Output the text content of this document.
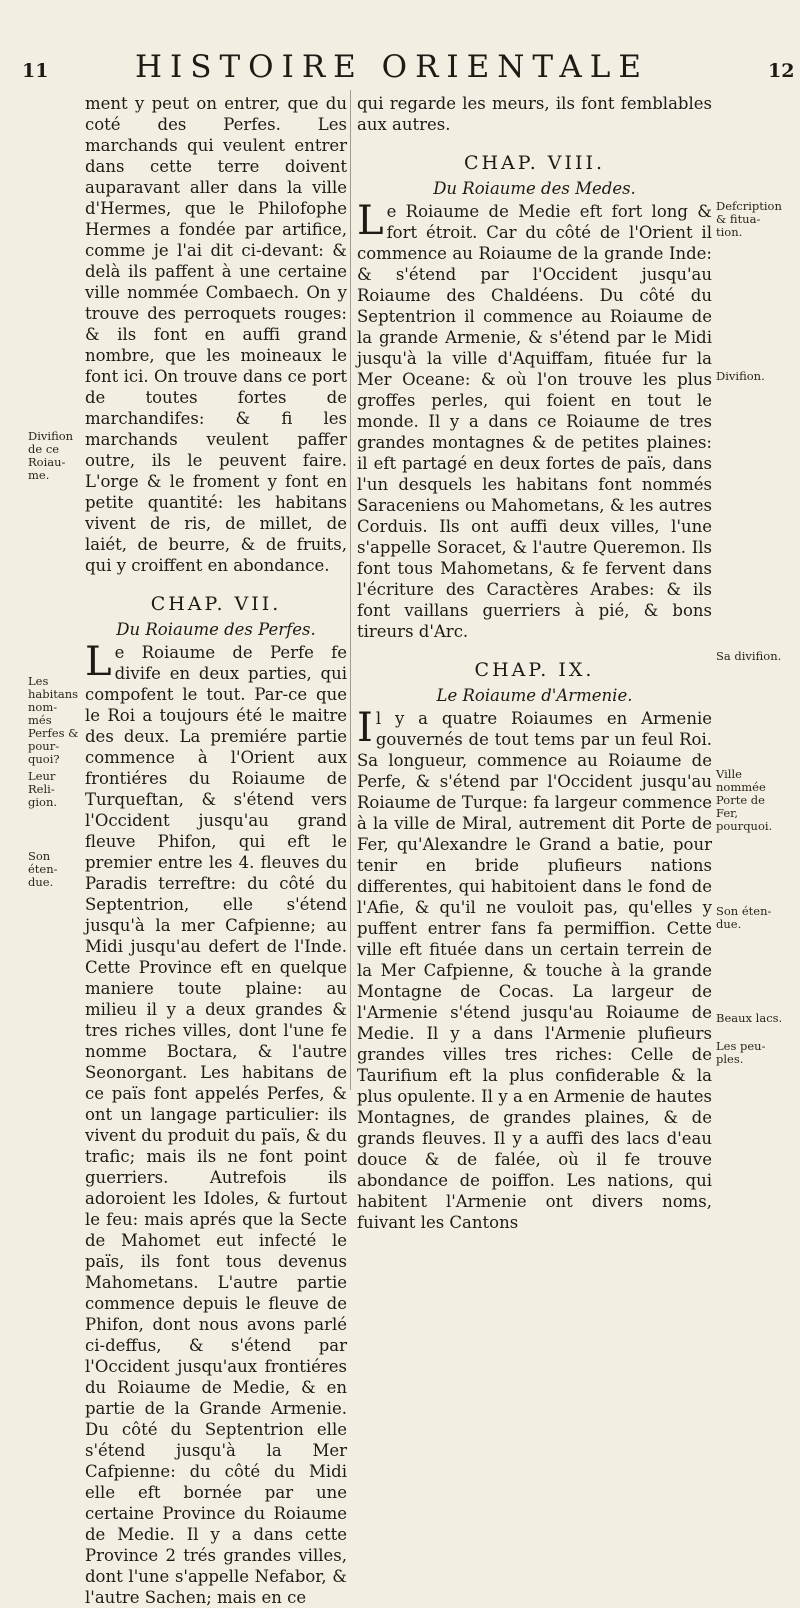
11	HISTOIRE ORIENTALE	12

ment y peut on entrer, que du coté des Perfes. Les marchands qui veulent entrer dans cette terre doivent auparavant aller dans la ville d'Hermes, que le Philofophe Hermes a fondée par artifice, comme je l'ai dit ci-devant: & delà ils paffent à une certaine ville nommée Combaech. On y trouve des perroquets rouges: & ils font en auffi grand nombre, que les moineaux le font ici. On trouve dans ce port de toutes fortes de marchandifes: & fi les marchands veulent paffer outre, ils le peuvent faire. L'orge & le froment y font en petite quantité: les habitans vivent de ris, de millet, de laiét, de beurre, & de fruits, qui y croiffent en abondance.

CHAP. VII.
Du Roiaume des Perfes.

Le Roiaume de Perfe fe divife en deux parties, qui compofent le tout. Par-ce que le Roi a toujours été le maitre des deux. La premiére partie commence à l'Orient aux frontiéres du Roiaume de Turqueftan, & s'étend vers l'Occident jusqu'au grand fleuve Phifon, qui eft le premier entre les 4. fleuves du Paradis terreftre: du côté du Septentrion, elle s'étend jusqu'à la mer Cafpienne; au Midi jusqu'au defert de l'Inde. Cette Province eft en quelque maniere toute plaine: au milieu il y a deux grandes & tres riches villes, dont l'une fe nomme Boctara, & l'autre Seonorgant. Les habitans de ce païs font appelés Perfes, & ont un langage particulier: ils vivent du produit du païs, & du trafic; mais ils ne font point guerriers. Autrefois ils adoroient les Idoles, & furtout le feu: mais aprés que la Secte de Mahomet eut infecté le païs, ils font tous devenus Mahometans. L'autre partie commence depuis le fleuve de Phifon, dont nous avons parlé ci-deffus, & s'étend par l'Occident jusqu'aux frontiéres du Roiaume de Medie, & en partie de la Grande Armenie. Du côté du Septentrion elle s'étend jusqu'à la Mer Cafpienne: du côté du Midi elle eft bornée par une certaine Province du Roiaume de Medie. Il y a dans cette Province 2 trés grandes villes, dont l'une s'appelle Nefabor, & l'autre Sachen; mais en ce

qui regarde les meurs, ils font femblables aux autres.

CHAP. VIII.
Du Roiaume des Medes.

Le Roiaume de Medie eft fort long & fort étroit. Car du côté de l'Orient il commence au Roiaume de la grande Inde: & s'étend par l'Occident jusqu'au Roiaume des Chaldéens. Du côté du Septentrion il commence au Roiaume de la grande Armenie, & s'étend par le Midi jusqu'à la ville d'Aquiffam, fituée fur la Mer Oceane: & où l'on trouve les plus groffes perles, qui foient en tout le monde. Il y a dans ce Roiaume de tres grandes montagnes & de petites plaines: il eft partagé en deux fortes de païs, dans l'un desquels les habitans font nommés Saraceniens ou Mahometans, & les autres Corduis. Ils ont auffi deux villes, l'une s'appelle Soracet, & l'autre Queremon. Ils font tous Mahometans, & fe fervent dans l'écriture des Caractères Arabes: & ils font vaillans guerriers à pié, & bons tireurs d'Arc.

CHAP. IX.
Le Roiaume d'Armenie.

Il y a quatre Roiaumes en Armenie gouvernés de tout tems par un feul Roi. Sa longueur, commence au Roiaume de Perfe, & s'étend par l'Occident jusqu'au Roiaume de Turque: fa largeur commence à la ville de Miral, autrement dit Porte de Fer, qu'Alexandre le Grand a batie, pour tenir en bride plufieurs nations differentes, qui habitoient dans le fond de l'Afie, & qu'il ne vouloit pas, qu'elles y puffent entrer fans fa permiffion. Cette ville eft fituée dans un certain terrein de la Mer Cafpienne, & touche à la grande Montagne de Cocas. La largeur de l'Armenie s'étend jusqu'au Roiaume de Medie. Il y a dans l'Armenie plufieurs grandes villes tres riches: Celle de Taurifium eft la plus confiderable & la plus opulente. Il y a en Armenie de hautes Montagnes, de grandes plaines, & de grands fleuves. Il y a auffi des lacs d'eau douce & de falée, où il fe trouve abondance de poiffon. Les nations, qui habitent l'Armenie ont divers noms, fuivant les Cantons

Divifion de ce Roiau-me.
Les habitans nom-més Perfes & pour-quoi?
Leur Reli-gion.
Son éten-due.
Defcription & fitua-tion.
Divifion.
Sa divifion.
Ville nommée Porte de Fer, pourquoi.
Son éten-due.
Beaux lacs.
Les peu-ples.
